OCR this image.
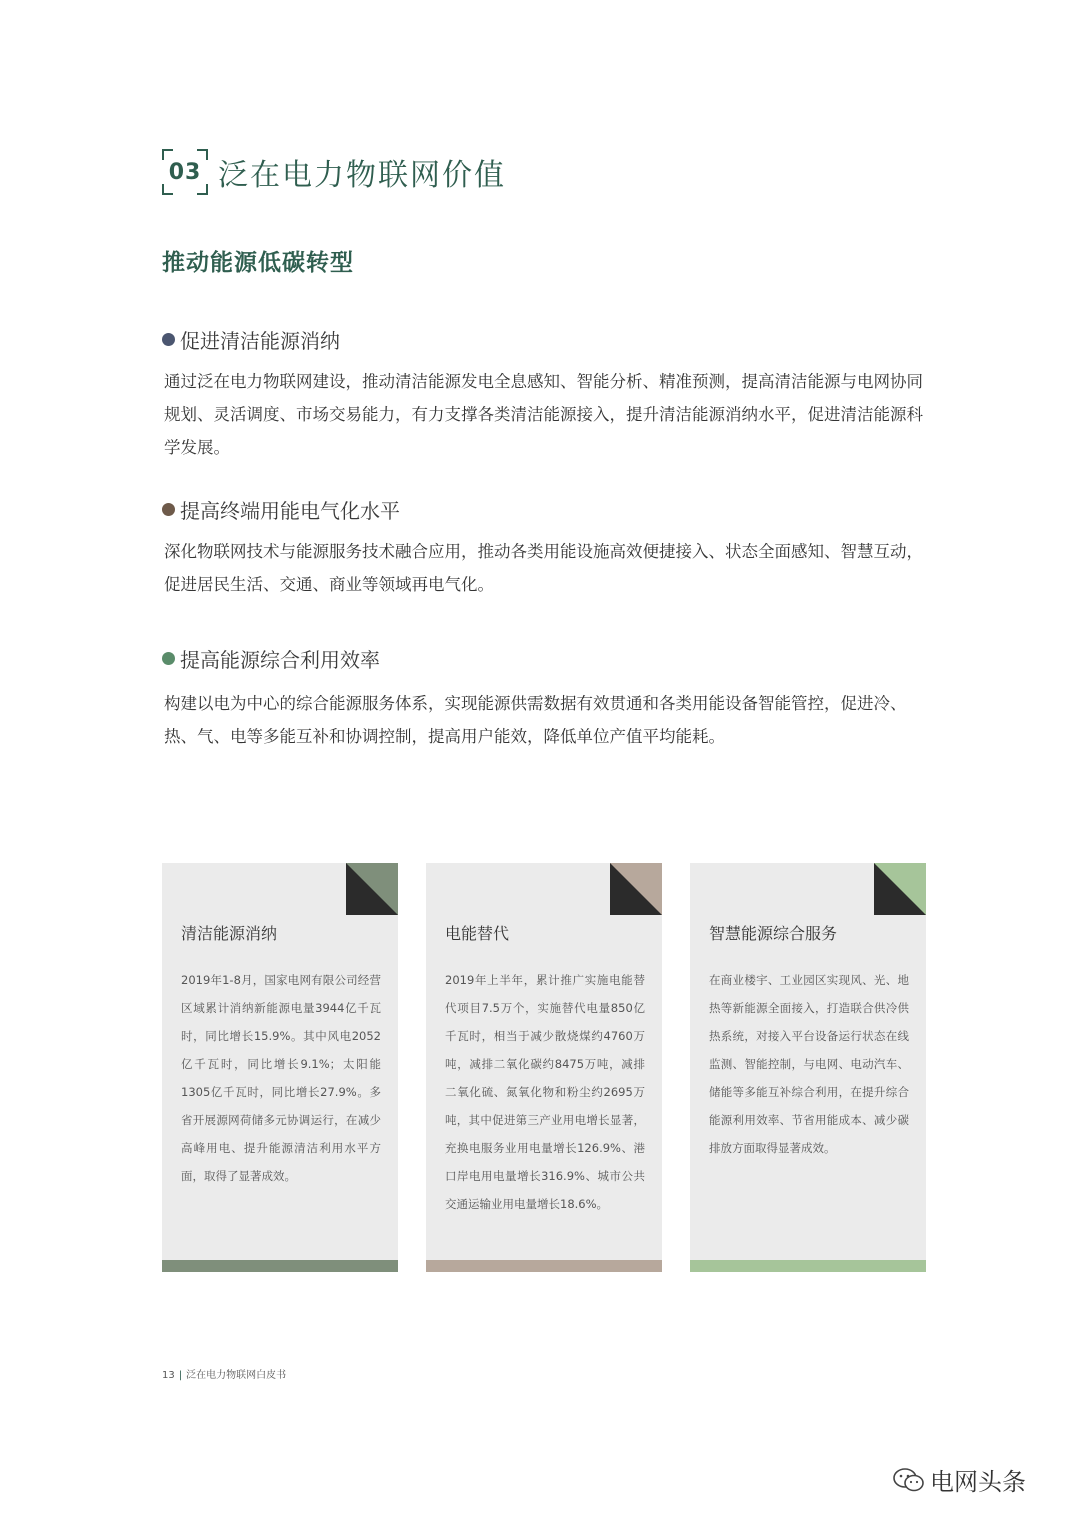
03 泛在电力物联网价值
推动能源低碳转型
促进清洁能源消纳
通过泛在电力物联网建设，推动清洁能源发电全息感知、智能分析、精准预测，提高清洁能源与电网协同规划、灵活调度、市场交易能力，有力支撑各类清洁能源接入，提升清洁能源消纳水平，促进清洁能源科学发展。
提高终端用能电气化水平
深化物联网技术与能源服务技术融合应用，推动各类用能设施高效便捷接入、状态全面感知、智慧互动，促进居民生活、交通、商业等领域再电气化。
提高能源综合利用效率
构建以电为中心的综合能源服务体系，实现能源供需数据有效贯通和各类用能设备智能管控，促进冷、热、气、电等多能互补和协调控制，提高用户能效，降低单位产值平均能耗。
清洁能源消纳
2019年1-8月，国家电网有限公司经营区域累计消纳新能源电量3944亿千瓦时，同比增长15.9%。其中风电2052亿千瓦时，同比增长9.1%；太阳能1305亿千瓦时，同比增长27.9%。多省开展源网荷储多元协调运行，在减少高峰用电、提升能源清洁利用水平方面，取得了显著成效。
电能替代
2019年上半年，累计推广实施电能替代项目7.5万个，实施替代电量850亿千瓦时，相当于减少散烧煤约4760万吨，减排二氧化碳约8475万吨，减排二氧化硫、氮氧化物和粉尘约2695万吨，其中促进第三产业用电增长显著，充换电服务业用电量增长126.9%、港口岸电用电量增长316.9%、城市公共交通运输业用电量增长18.6%。
智慧能源综合服务
在商业楼宇、工业园区实现风、光、地热等新能源全面接入，打造联合供冷供热系统，对接入平台设备运行状态在线监测、智能控制，与电网、电动汽车、储能等多能互补综合利用，在提升综合能源利用效率、节省用能成本、减少碳排放方面取得显著成效。
13 | 泛在电力物联网白皮书
电网头条
